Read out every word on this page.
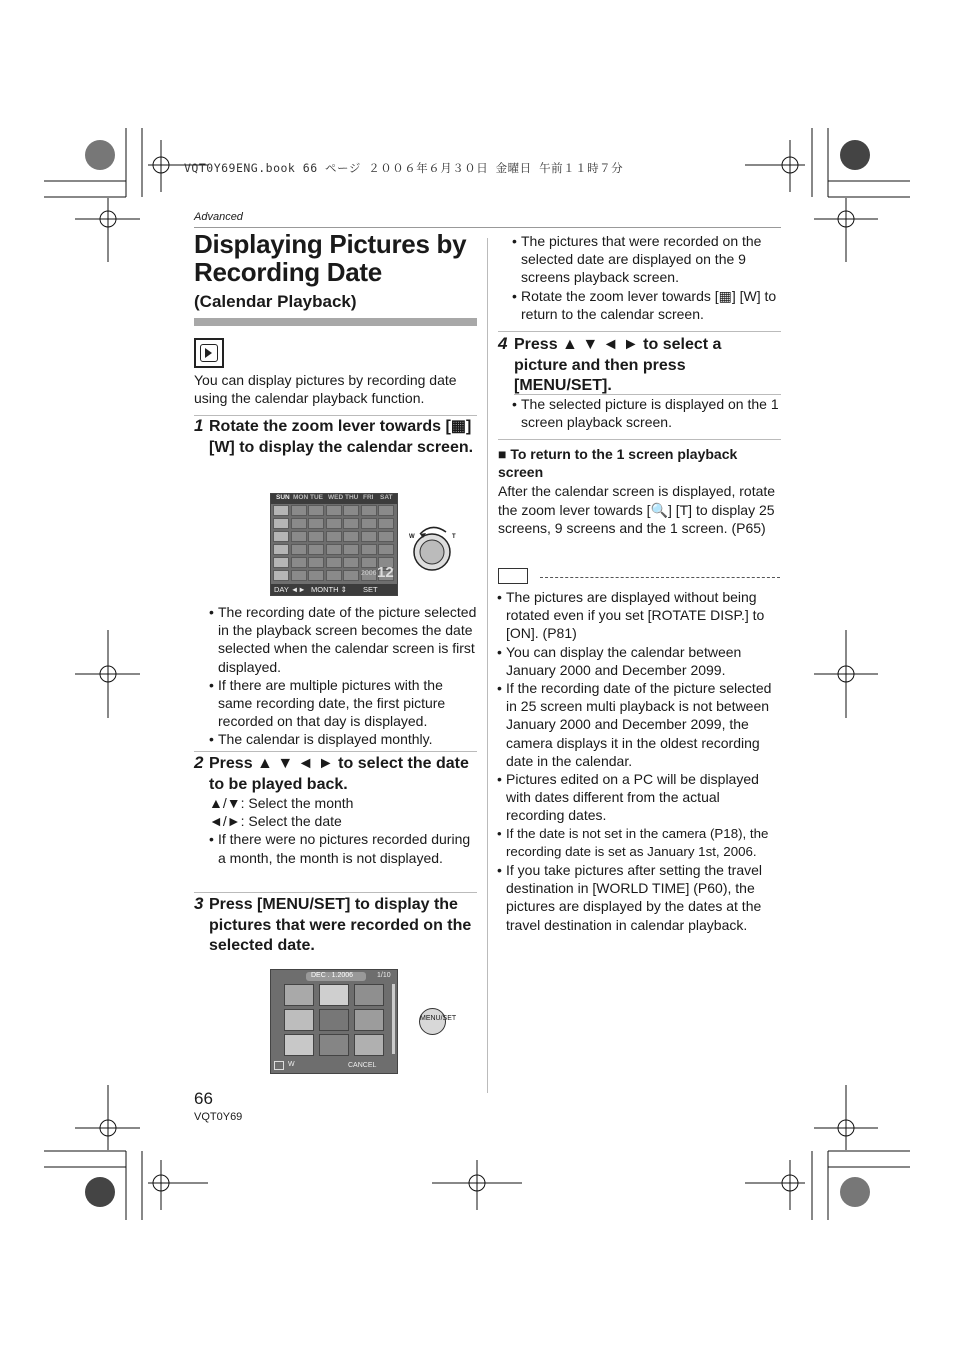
VQT0Y69ENG.book 66 ページ ２００６年６月３０日 金曜日 午前１１時７分
Advanced
Displaying Pictures by Recording Date
(Calendar Playback)
You can display pictures by recording date using the calendar playback function.
1 Rotate the zoom lever towards [▦] [W] to display the calendar screen.
SUN MON TUE WED THU FRI SAT
2006 12
DAY ◄► MONTH ⇕ SET
W	T
• The recording date of the picture selected in the playback screen becomes the date selected when the calendar screen is first displayed.
• If there are multiple pictures with the same recording date, the first picture recorded on that day is displayed.
• The calendar is displayed monthly.
2 Press ▲ ▼ ◄ ► to select the date to be played back.
▲/▼: Select the month
◄/►: Select the date
• If there were no pictures recorded during a month, the month is not displayed.
3 Press [MENU/SET] to display the pictures that were recorded on the selected date.
DEC . 1.2006	1/10
W	CANCEL
MENU/SET
• The pictures that were recorded on the selected date are displayed on the 9 screens playback screen.
• Rotate the zoom lever towards [▦] [W] to return to the calendar screen.
4 Press ▲ ▼ ◄ ► to select a picture and then press [MENU/SET].
• The selected picture is displayed on the 1 screen playback screen.
■ To return to the 1 screen playback screen
After the calendar screen is displayed, rotate the zoom lever towards [🔍] [T] to display 25 screens, 9 screens and the 1 screen. (P65)
• The pictures are displayed without being rotated even if you set [ROTATE DISP.] to [ON]. (P81)
• You can display the calendar between January 2000 and December 2099.
• If the recording date of the picture selected in 25 screen multi playback is not between January 2000 and December 2099, the camera displays it in the oldest recording date in the calendar.
• Pictures edited on a PC will be displayed with dates different from the actual recording dates.
• If the date is not set in the camera (P18), the recording date is set as January 1st, 2006.
• If you take pictures after setting the travel destination in [WORLD TIME] (P60), the pictures are displayed by the dates at the travel destination in calendar playback.
66
VQT0Y69
